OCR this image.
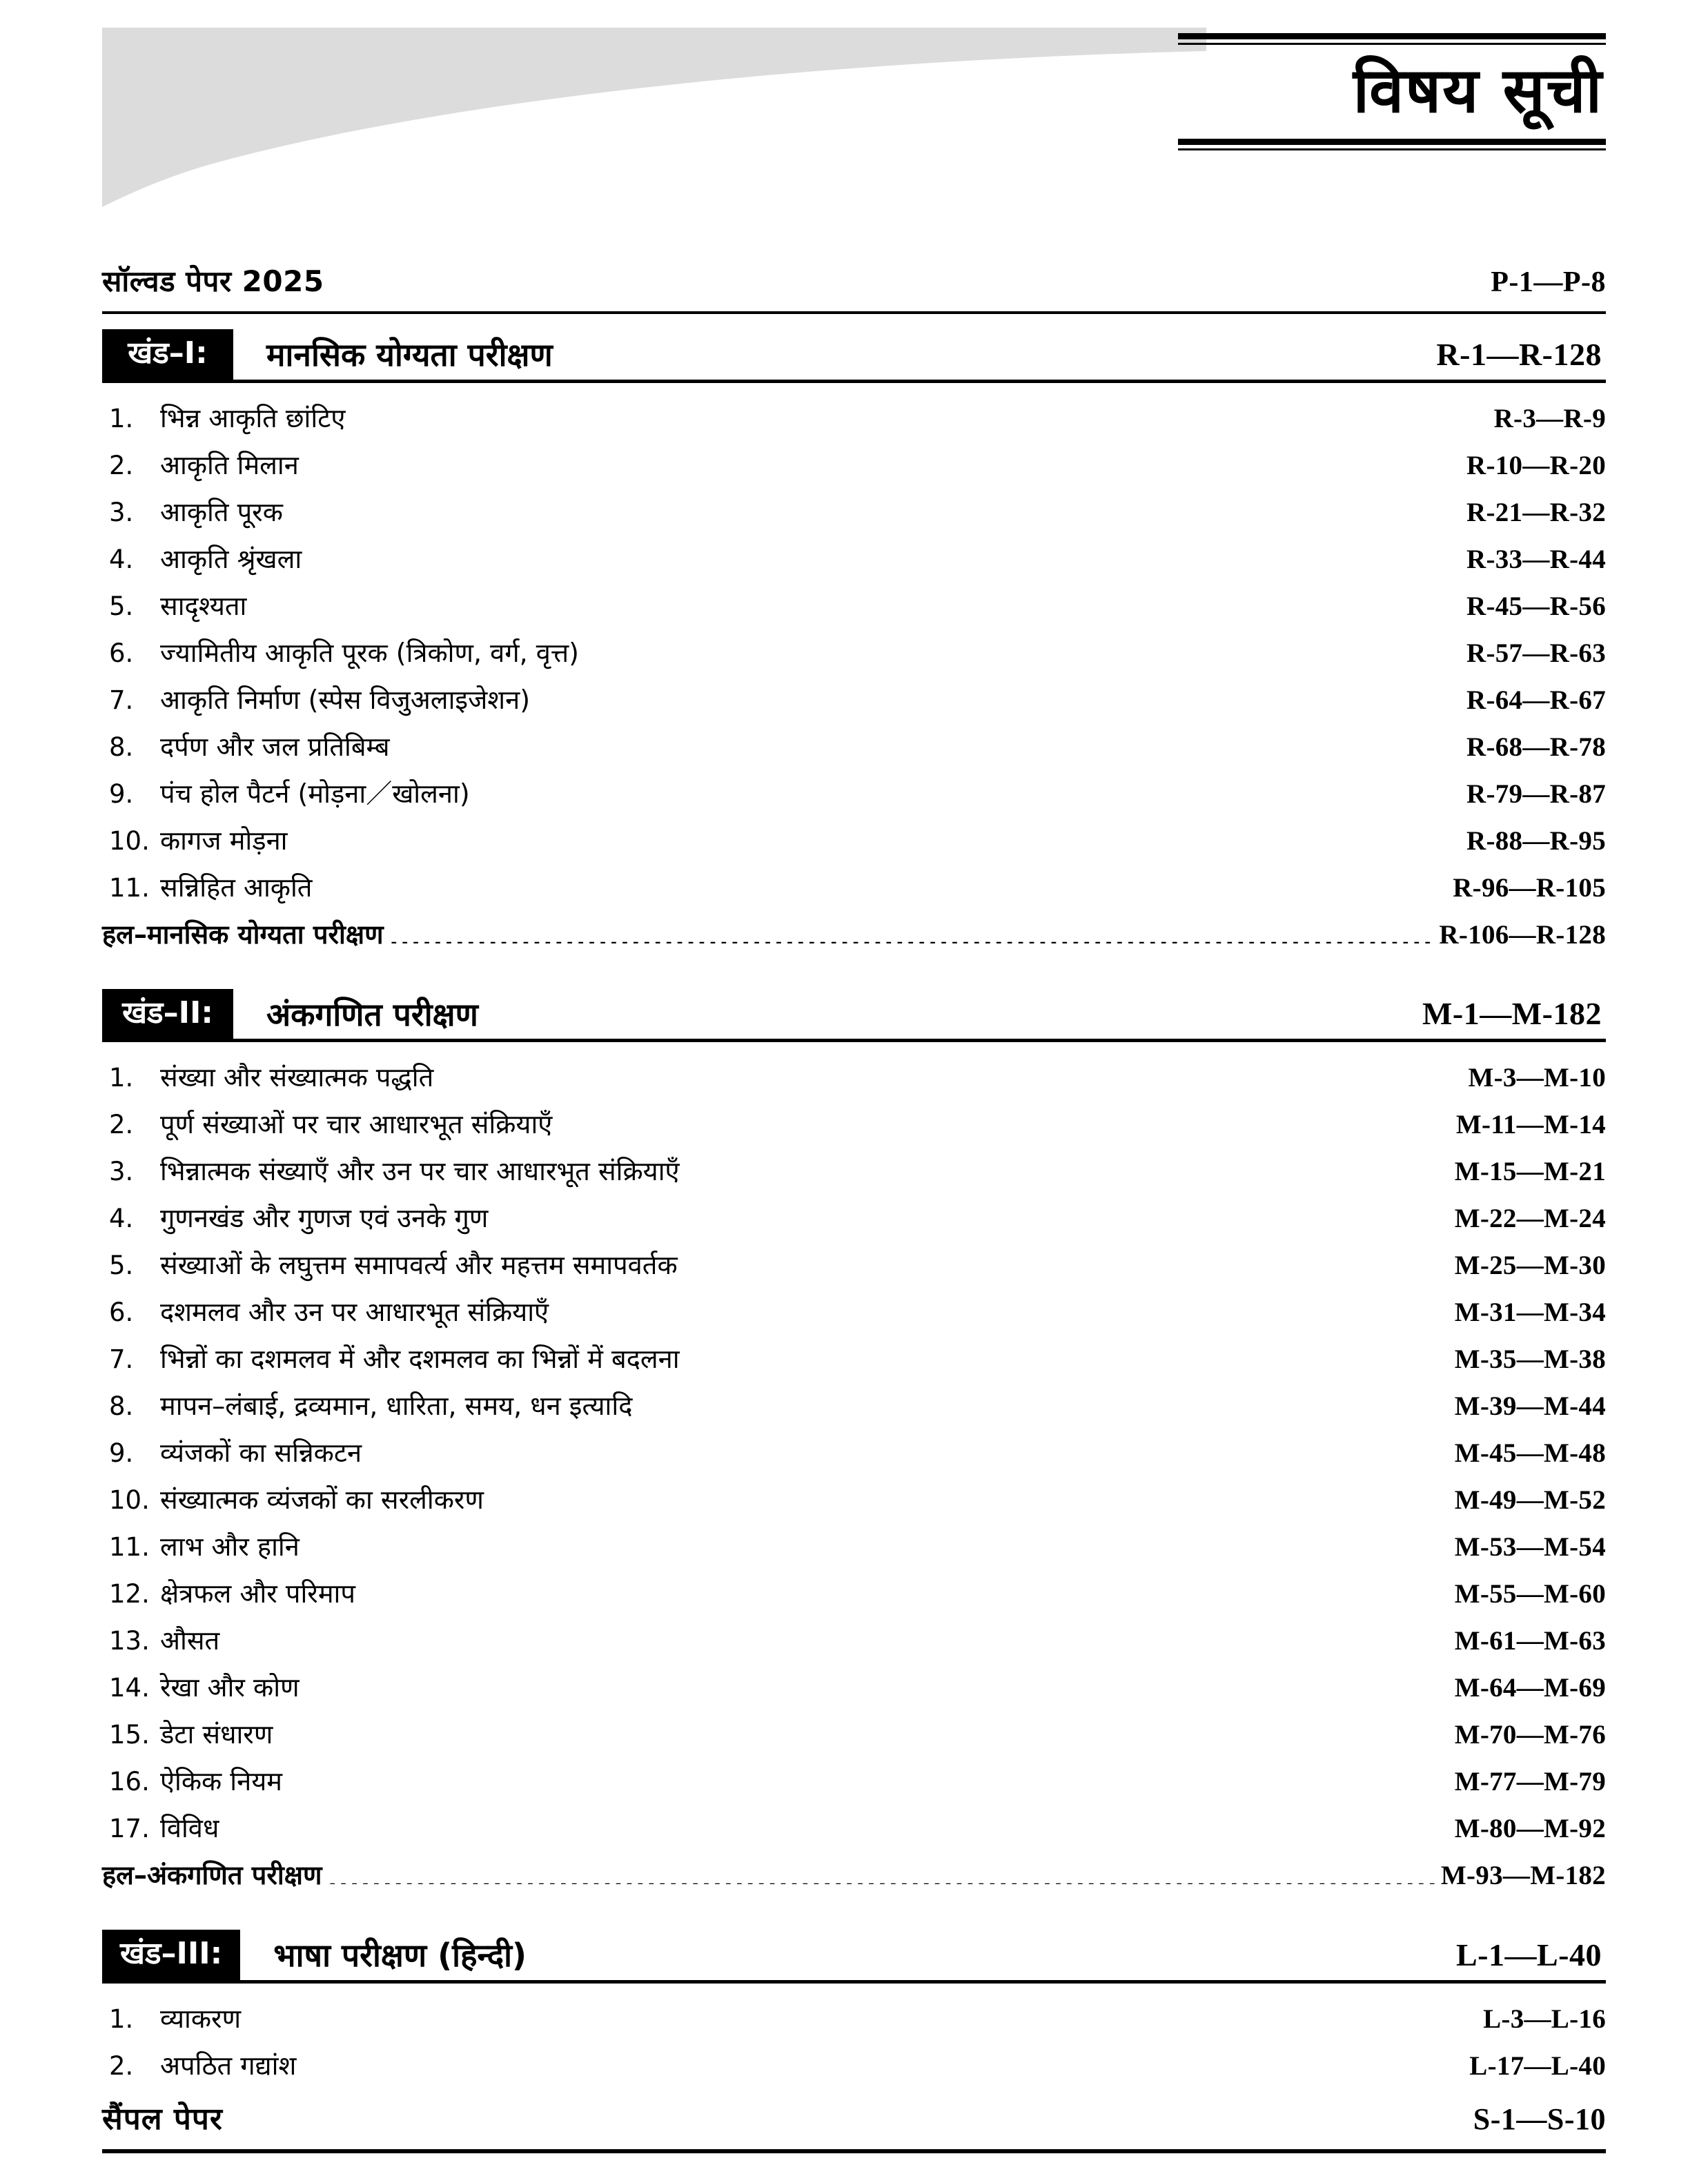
विषय सूची
सॉल्वड पेपर 2025	P-1—P-8
खंड–I:	मानसिक योग्यता परीक्षण	R-1—R-128
1.	भिन्न आकृति छांटिए .....	R-3—R-9
2.	आकृति मिलान .....	R-10—R-20
3.	आकृति पूरक .....	R-21—R-32
4.	आकृति श्रृंखला .....	R-33—R-44
5.	सादृश्यता .....	R-45—R-56
6.	ज्यामितीय आकृति पूरक (त्रिकोण, वर्ग, वृत्त) .....	R-57—R-63
7.	आकृति निर्माण (स्पेस विजुअलाइजेशन) .....	R-64—R-67
8.	दर्पण और जल प्रतिबिम्ब .....	R-68—R-78
9.	पंच होल पैटर्न (मोड़ना／खोलना) .....	R-79—R-87
10. कागज मोड़ना .....	R-88—R-95
11. सन्निहित आकृति .....	R-96—R-105
हल–मानसिक योग्यता परीक्षण .....	R-106—R-128
खंड–II:	अंकगणित परीक्षण	M-1—M-182
1.	संख्या और संख्यात्मक पद्धति .....	M-3—M-10
2.	पूर्ण संख्याओं पर चार आधारभूत संक्रियाएँ .....	M-11—M-14
3.	भिन्नात्मक संख्याएँ और उन पर चार आधारभूत संक्रियाएँ .....	M-15—M-21
4.	गुणनखंड और गुणज एवं उनके गुण .....	M-22—M-24
5.	संख्याओं के लघुत्तम समापवर्त्य और महत्तम समापवर्तक .....	M-25—M-30
6.	दशमलव और उन पर आधारभूत संक्रियाएँ .....	M-31—M-34
7.	भिन्नों का दशमलव में और दशमलव का भिन्नों में बदलना .....	M-35—M-38
8.	मापन–लंबाई, द्रव्यमान, धारिता, समय, धन इत्यादि .....	M-39—M-44
9.	व्यंजकों का सन्निकटन .....	M-45—M-48
10. संख्यात्मक व्यंजकों का सरलीकरण .....	M-49—M-52
11. लाभ और हानि .....	M-53—M-54
12. क्षेत्रफल और परिमाप .....	M-55—M-60
13. औसत .....	M-61—M-63
14. रेखा और कोण .....	M-64—M-69
15. डेटा संधारण .....	M-70—M-76
16. ऐकिक नियम .....	M-77—M-79
17. विविध .....	M-80—M-92
हल–अंकगणित परीक्षण .....	M-93—M-182
खंड–III:	भाषा परीक्षण (हिन्दी)	L-1—L-40
1.	व्याकरण .....	L-3—L-16
2.	अपठित गद्यांश .....	L-17—L-40
सैंपल पेपर	S-1—S-10
